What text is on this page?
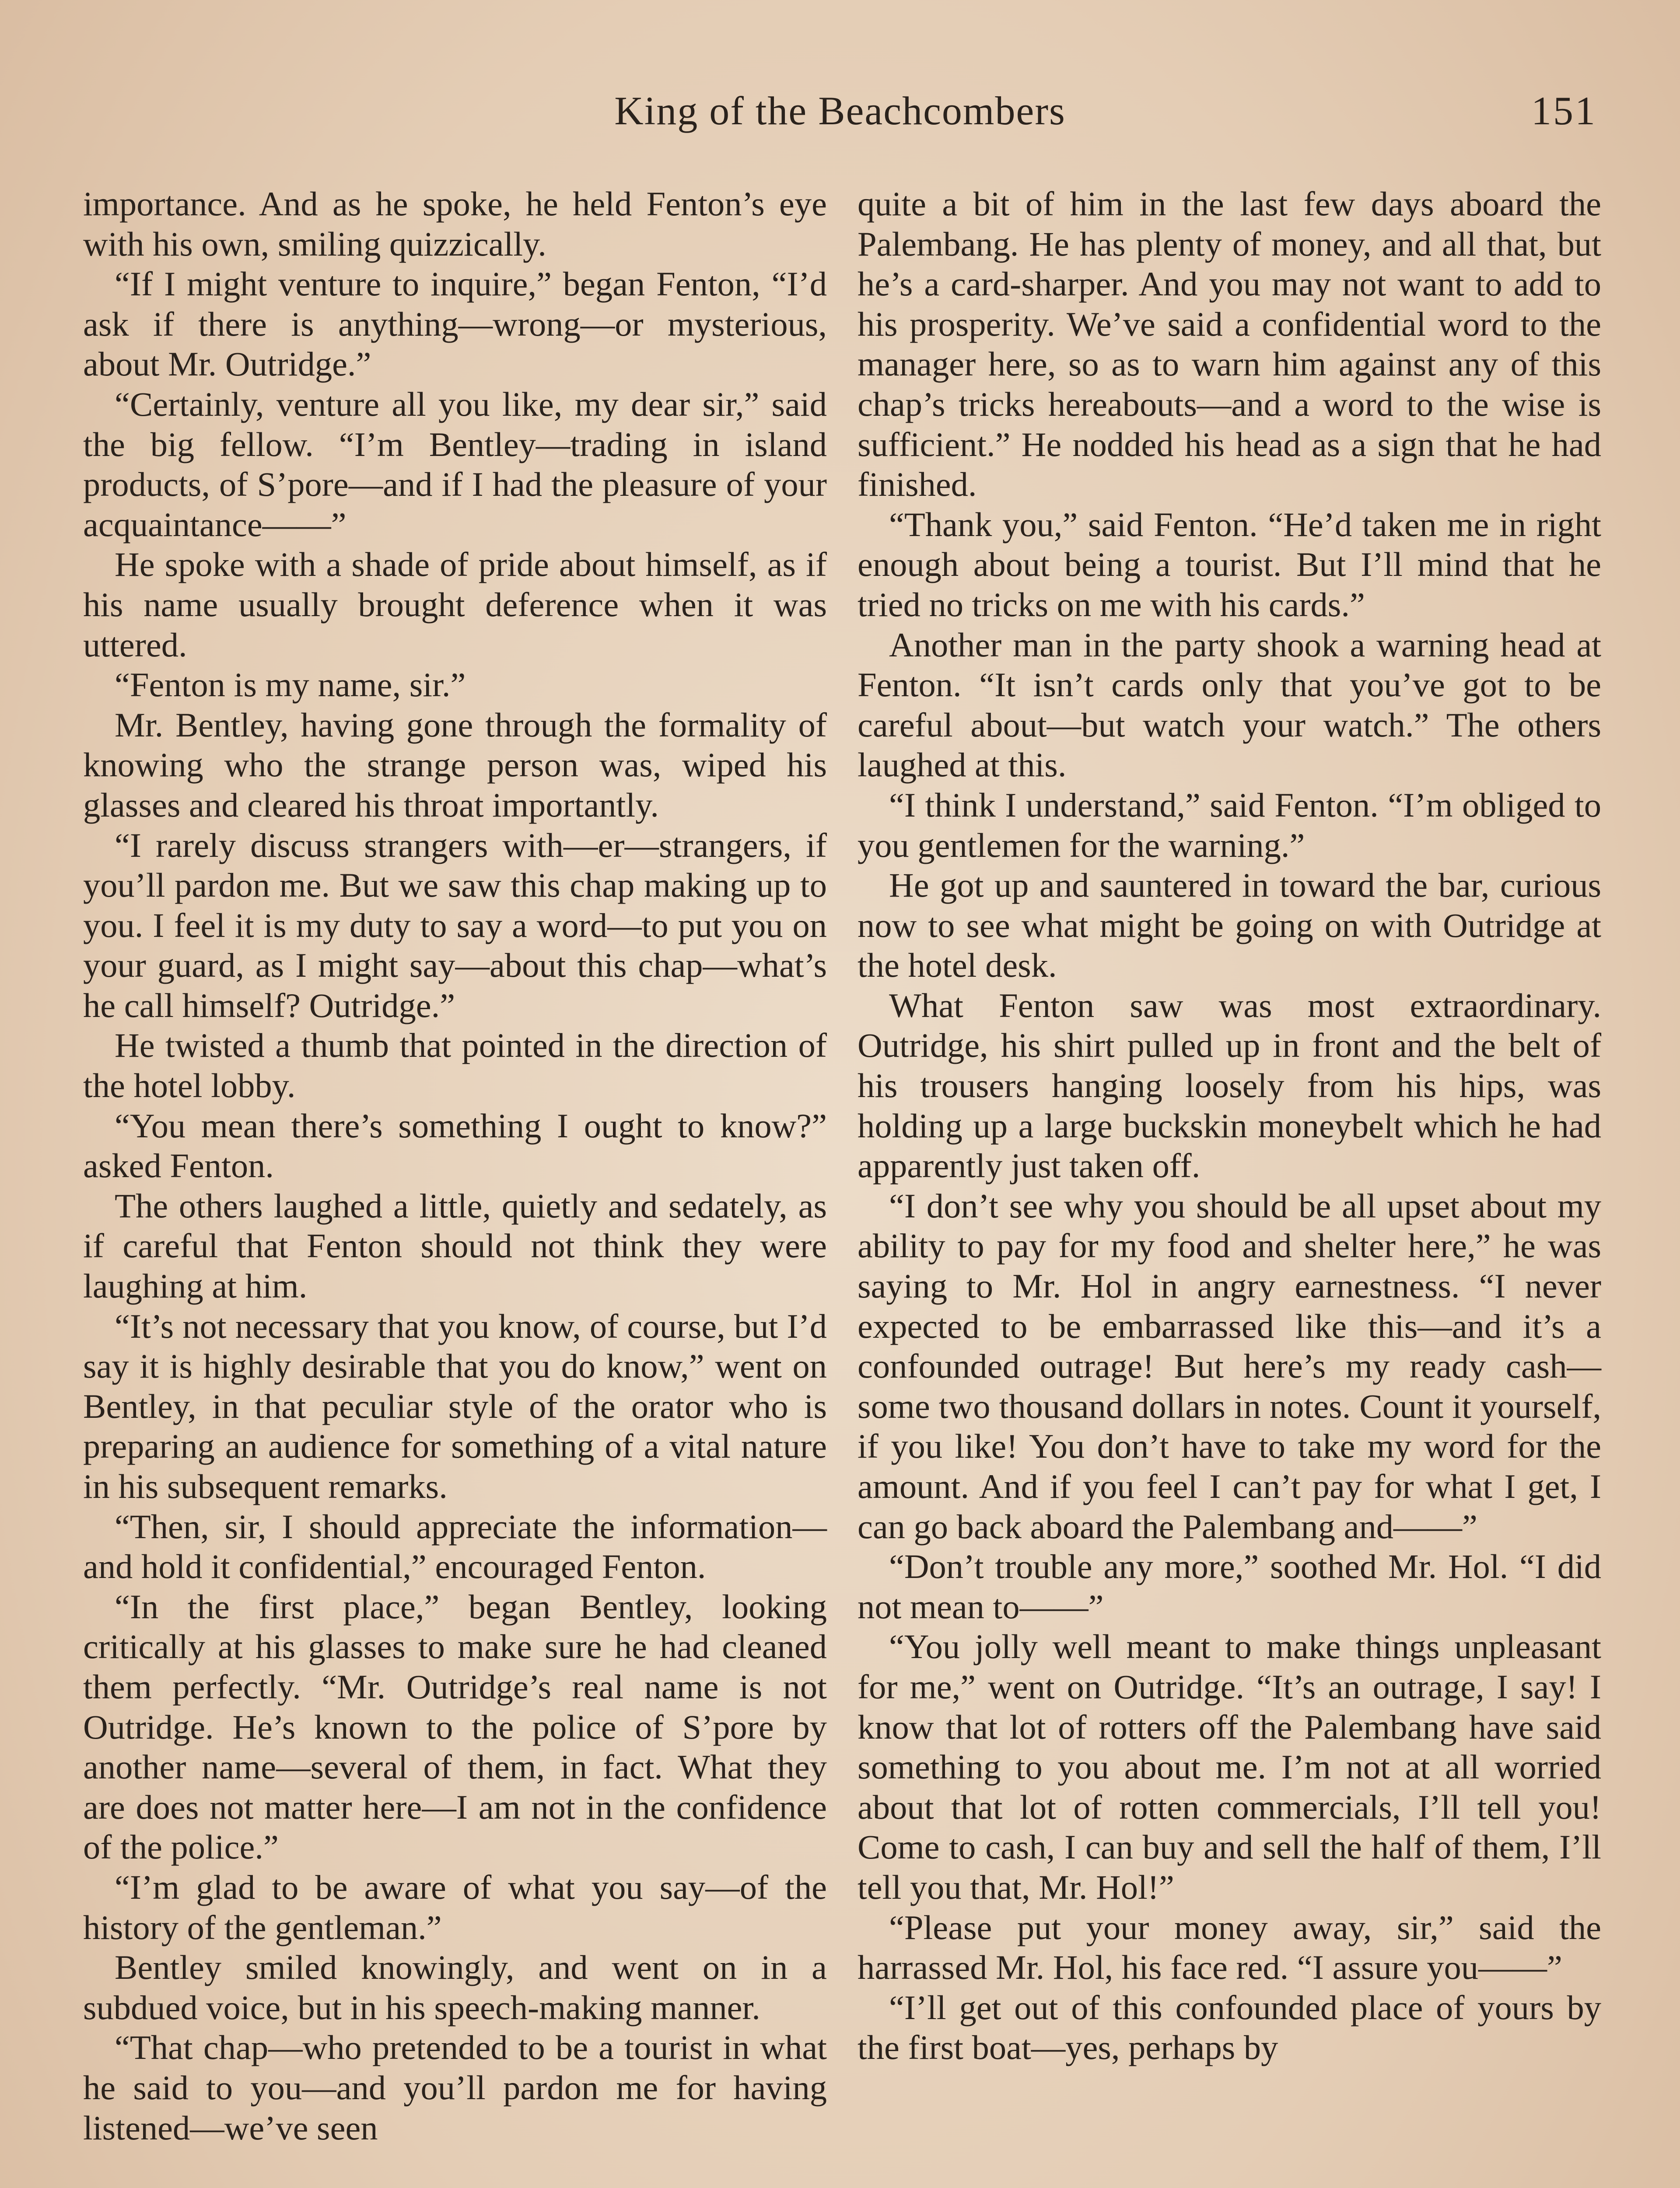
King of the Beachcombers	151

importance. And as he spoke, he held Fenton’s eye with his own, smiling quizzically.

“If I might venture to inquire,” began Fenton, “I’d ask if there is anything—wrong—or mysterious, about Mr. Outridge.”

“Certainly, venture all you like, my dear sir,” said the big fellow. “I’m Bentley—trading in island products, of S’pore—and if I had the pleasure of your acquaintance——”

He spoke with a shade of pride about himself, as if his name usually brought deference when it was uttered.

“Fenton is my name, sir.”

Mr. Bentley, having gone through the formality of knowing who the strange person was, wiped his glasses and cleared his throat importantly.

“I rarely discuss strangers with—er—strangers, if you’ll pardon me. But we saw this chap making up to you. I feel it is my duty to say a word—to put you on your guard, as I might say—about this chap—what’s he call himself? Outridge.”

He twisted a thumb that pointed in the direction of the hotel lobby.

“You mean there’s something I ought to know?” asked Fenton.

The others laughed a little, quietly and sedately, as if careful that Fenton should not think they were laughing at him.

“It’s not necessary that you know, of course, but I’d say it is highly desirable that you do know,” went on Bentley, in that peculiar style of the orator who is preparing an audience for something of a vital nature in his subsequent remarks.

“Then, sir, I should appreciate the information—and hold it confidential,” encouraged Fenton.

“In the first place,” began Bentley, looking critically at his glasses to make sure he had cleaned them perfectly. “Mr. Outridge’s real name is not Outridge. He’s known to the police of S’pore by another name—several of them, in fact. What they are does not matter here—I am not in the confidence of the police.”

“I’m glad to be aware of what you say—of the history of the gentleman.”

Bentley smiled knowingly, and went on in a subdued voice, but in his speech-making manner.

“That chap—who pretended to be a tourist in what he said to you—and you’ll pardon me for having listened—we’ve seen

quite a bit of him in the last few days aboard the Palembang. He has plenty of money, and all that, but he’s a card-sharper. And you may not want to add to his prosperity. We’ve said a confidential word to the manager here, so as to warn him against any of this chap’s tricks hereabouts—and a word to the wise is sufficient.” He nodded his head as a sign that he had finished.

“Thank you,” said Fenton. “He’d taken me in right enough about being a tourist. But I’ll mind that he tried no tricks on me with his cards.”

Another man in the party shook a warning head at Fenton. “It isn’t cards only that you’ve got to be careful about—but watch your watch.” The others laughed at this.

“I think I understand,” said Fenton. “I’m obliged to you gentlemen for the warning.”

He got up and sauntered in toward the bar, curious now to see what might be going on with Outridge at the hotel desk.

What Fenton saw was most extraordinary. Outridge, his shirt pulled up in front and the belt of his trousers hanging loosely from his hips, was holding up a large buckskin moneybelt which he had apparently just taken off.

“I don’t see why you should be all upset about my ability to pay for my food and shelter here,” he was saying to Mr. Hol in angry earnestness. “I never expected to be embarrassed like this—and it’s a confounded outrage! But here’s my ready cash—some two thousand dollars in notes. Count it yourself, if you like! You don’t have to take my word for the amount. And if you feel I can’t pay for what I get, I can go back aboard the Palembang and——”

“Don’t trouble any more,” soothed Mr. Hol. “I did not mean to——”

“You jolly well meant to make things unpleasant for me,” went on Outridge. “It’s an outrage, I say! I know that lot of rotters off the Palembang have said something to you about me. I’m not at all worried about that lot of rotten commercials, I’ll tell you! Come to cash, I can buy and sell the half of them, I’ll tell you that, Mr. Hol!”

“Please put your money away, sir,” said the harrassed Mr. Hol, his face red. “I assure you——”

“I’ll get out of this confounded place of yours by the first boat—yes, perhaps by
